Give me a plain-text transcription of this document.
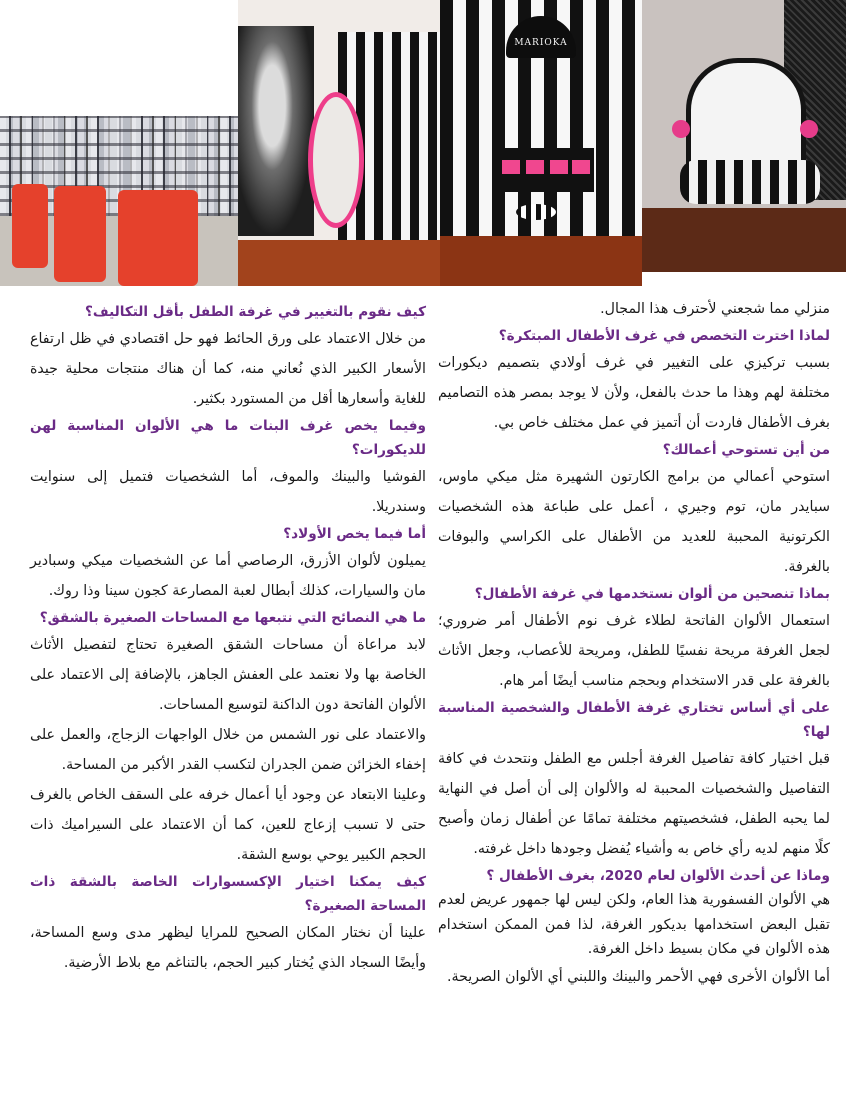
MARIOKA

منزلي مما شجعني لأحترف هذا المجال.

لماذا اخترت التخصص في غرف الأطفال المبتكرة؟

بسبب تركيزي على التغيير في غرف أولادي بتصميم ديكورات مختلفة لهم وهذا ما حدث بالفعل، ولأن لا يوجد بمصر هذه التصاميم بغرف الأطفال فاردت أن أتميز في عمل مختلف خاص بي.

من أين تستوحي أعمالك؟

استوحي أعمالي من برامج الكارتون الشهيرة مثل ميكي ماوس، سبايدر مان، توم وجيري ، أعمل على طباعة هذه الشخصيات الكرتونية المحببة للعديد من الأطفال على الكراسي والبوفات بالغرفة.

بماذا تنصحين من ألوان نستخدمها في غرفة الأطفال؟

استعمال الألوان الفاتحة لطلاء غرف نوم الأطفال أمر ضروري؛ لجعل الغرفة مريحة نفسيًا للطفل، ومريحة للأعصاب، وجعل الأثاث بالغرفة على قدر الاستخدام وبحجم مناسب أيضًا أمر هام.

على أي أساس تختاري غرفة الأطفال والشخصية المناسبة لها؟

قبل اختيار كافة تفاصيل الغرفة أجلس مع الطفل ونتحدث في كافة التفاصيل والشخصيات المحببة له والألوان إلى أن أصل في النهاية لما يحبه الطفل، فشخصيتهم مختلفة تمامًا عن أطفال زمان وأصبح كلًا منهم لديه رأي خاص به وأشياء يُفضل وجودها داخل غرفته.

وماذا عن أحدث الألوان لعام 2020، بغرف الأطفال ؟

هي الألوان الفسفورية هذا العام، ولكن ليس لها جمهور عريض لعدم تقبل البعض استخدامها بديكور الغرفة، لذا فمن الممكن استخدام هذه الألوان في مكان بسيط داخل الغرفة.

أما الألوان الأخرى فهي الأحمر والبينك واللبني أي الألوان الصريحة.

كيف نقوم بالتغيير في غرفة الطفل بأقل التكاليف؟

من خلال الاعتماد على ورق الحائط فهو حل اقتصادي في ظل ارتفاع الأسعار الكبير الذي نُعاني منه، كما أن هناك منتجات محلية جيدة للغاية وأسعارها أقل من المستورد بكثير.

وفيما يخص غرف البنات ما هي الألوان المناسبة لهن للديكورات؟

الفوشيا والبينك والموف، أما الشخصيات فتميل إلى سنوايت وسندريلا.

أما فيما يخص الأولاد؟

يميلون لألوان الأزرق، الرصاصي أما عن الشخصيات ميكي وسبادير مان والسيارات، كذلك أبطال لعبة المصارعة كجون سينا وذا روك.

ما هي النصائح التي نتبعها مع المساحات الصغيرة بالشقق؟

لابد مراعاة أن مساحات الشقق الصغيرة تحتاج لتفصيل الأثاث الخاصة بها ولا نعتمد على العفش الجاهز، بالإضافة إلى الاعتماد على الألوان الفاتحة دون الداكنة لتوسيع المساحات.

والاعتماد على نور الشمس من خلال الواجهات الزجاج، والعمل على إخفاء الخزائن ضمن الجدران لتكسب القدر الأكبر من المساحة.

وعلينا الابتعاد عن وجود أيا أعمال خرفه على السقف الخاص بالغرف حتى لا تسبب إزعاج للعين، كما أن الاعتماد على السيراميك ذات الحجم الكبير يوحي بوسع الشقة.

كيف يمكنا اختيار الإكسسوارات الخاصة بالشقة ذات المساحة الصغيرة؟

علينا أن نختار المكان الصحيح للمرايا ليظهر مدى وسع المساحة، وأيضًا السجاد الذي يُختار كبير الحجم، بالتناغم مع بلاط الأرضية.
